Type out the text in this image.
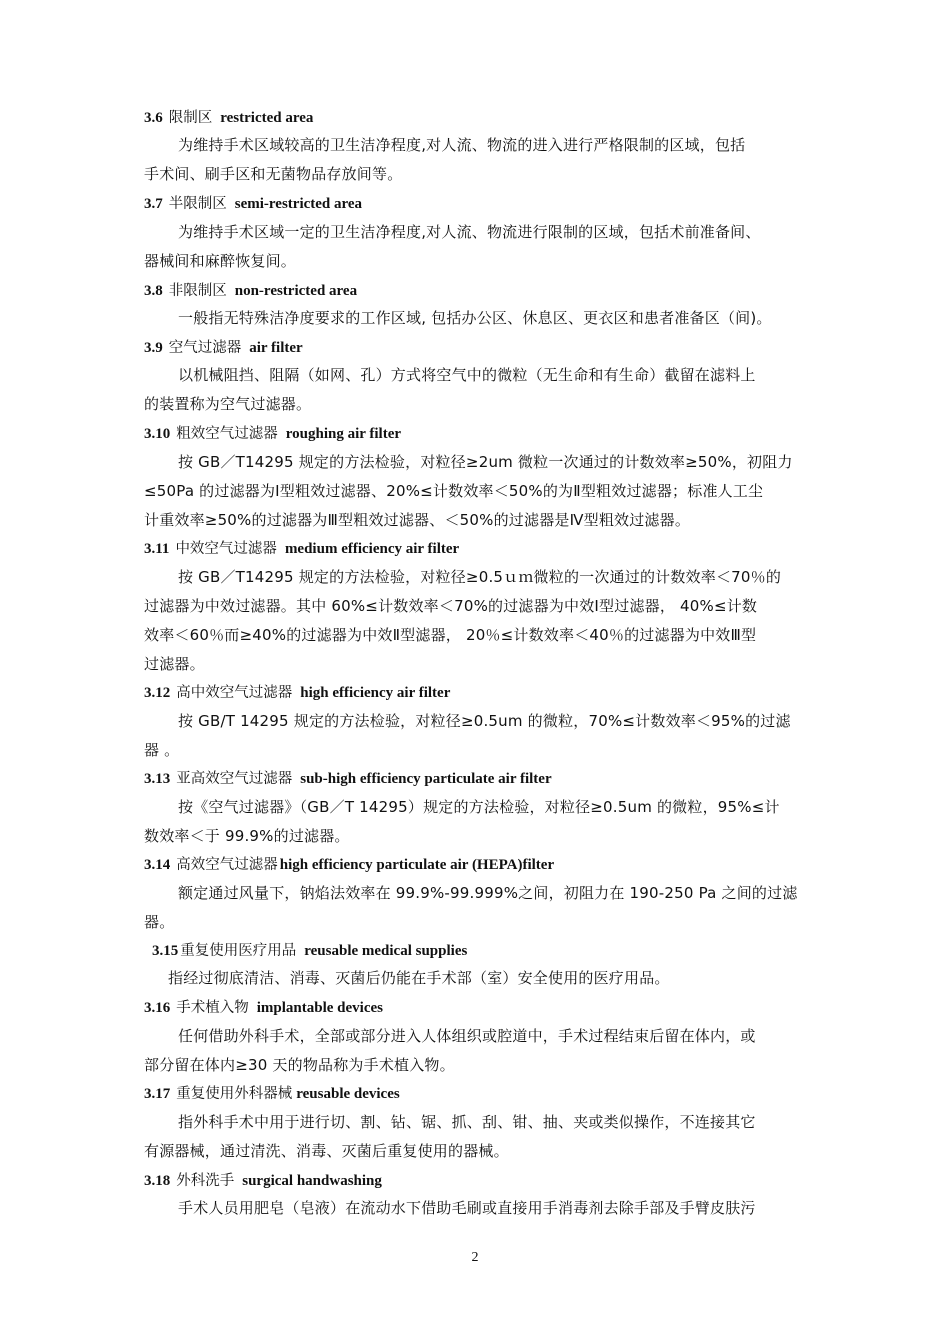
3.6 限制区 restricted area
为维持手术区域较高的卫生洁净程度,对人流、物流的进入进行严格限制的区域，包括
手术间、刷手区和无菌物品存放间等。
3.7 半限制区 semi-restricted area
为维持手术区域一定的卫生洁净程度,对人流、物流进行限制的区域，包括术前准备间、
器械间和麻醉恢复间。
3.8 非限制区 non-restricted area
一般指无特殊洁净度要求的工作区域, 包括办公区、休息区、更衣区和患者准备区（间)。
3.9 空气过滤器 air filter
以机械阻挡、阻隔（如网、孔）方式将空气中的微粒（无生命和有生命）截留在滤料上
的装置称为空气过滤器。
3.10 粗效空气过滤器 roughing air filter
按 GB／T14295 规定的方法检验，对粒径≥2um 微粒一次通过的计数效率≥50%，初阻力
≤50Pa 的过滤器为Ⅰ型粗效过滤器、20%≤计数效率＜50%的为Ⅱ型粗效过滤器；标准人工尘
计重效率≥50%的过滤器为Ⅲ型粗效过滤器、＜50%的过滤器是Ⅳ型粗效过滤器。
3.11 中效空气过滤器 medium efficiency air filter
按 GB／T14295 规定的方法检验，对粒径≥0.5ｕｍ微粒的一次通过的计数效率＜70％的
过滤器为中效过滤器。其中 60%≤计数效率＜70%的过滤器为中效Ⅰ型过滤器， 40%≤计数
效率＜60％而≥40%的过滤器为中效Ⅱ型滤器， 20％≤计数效率＜40％的过滤器为中效Ⅲ型
过滤器。
3.12 高中效空气过滤器 high efficiency air filter
按 GB/T 14295 规定的方法检验，对粒径≥0.5um 的微粒，70%≤计数效率＜95%的过滤
器 。
3.13 亚高效空气过滤器 sub-high efficiency particulate air filter
按《空气过滤器》（GB／T 14295）规定的方法检验，对粒径≥0.5um 的微粒，95%≤计
数效率＜于 99.9%的过滤器。
3.14 高效空气过滤器 high efficiency particulate air (HEPA)filter
额定通过风量下，钠焰法效率在 99.9%-99.999%之间，初阻力在 190-250 Pa 之间的过滤
器。
3.15 重复使用医疗用品 reusable medical supplies
指经过彻底清洁、消毒、灭菌后仍能在手术部（室）安全使用的医疗用品。
3.16 手术植入物 implantable devices
任何借助外科手术，全部或部分进入人体组织或腔道中，手术过程结束后留在体内，或
部分留在体内≥30 天的物品称为手术植入物。
3.17 重复使用外科器械 reusable devices
指外科手术中用于进行切、割、钻、锯、抓、刮、钳、抽、夹或类似操作，不连接其它
有源器械，通过清洗、消毒、灭菌后重复使用的器械。
3.18 外科洗手 surgical handwashing
手术人员用肥皂（皂液）在流动水下借助毛刷或直接用手消毒剂去除手部及手臂皮肤污
2
